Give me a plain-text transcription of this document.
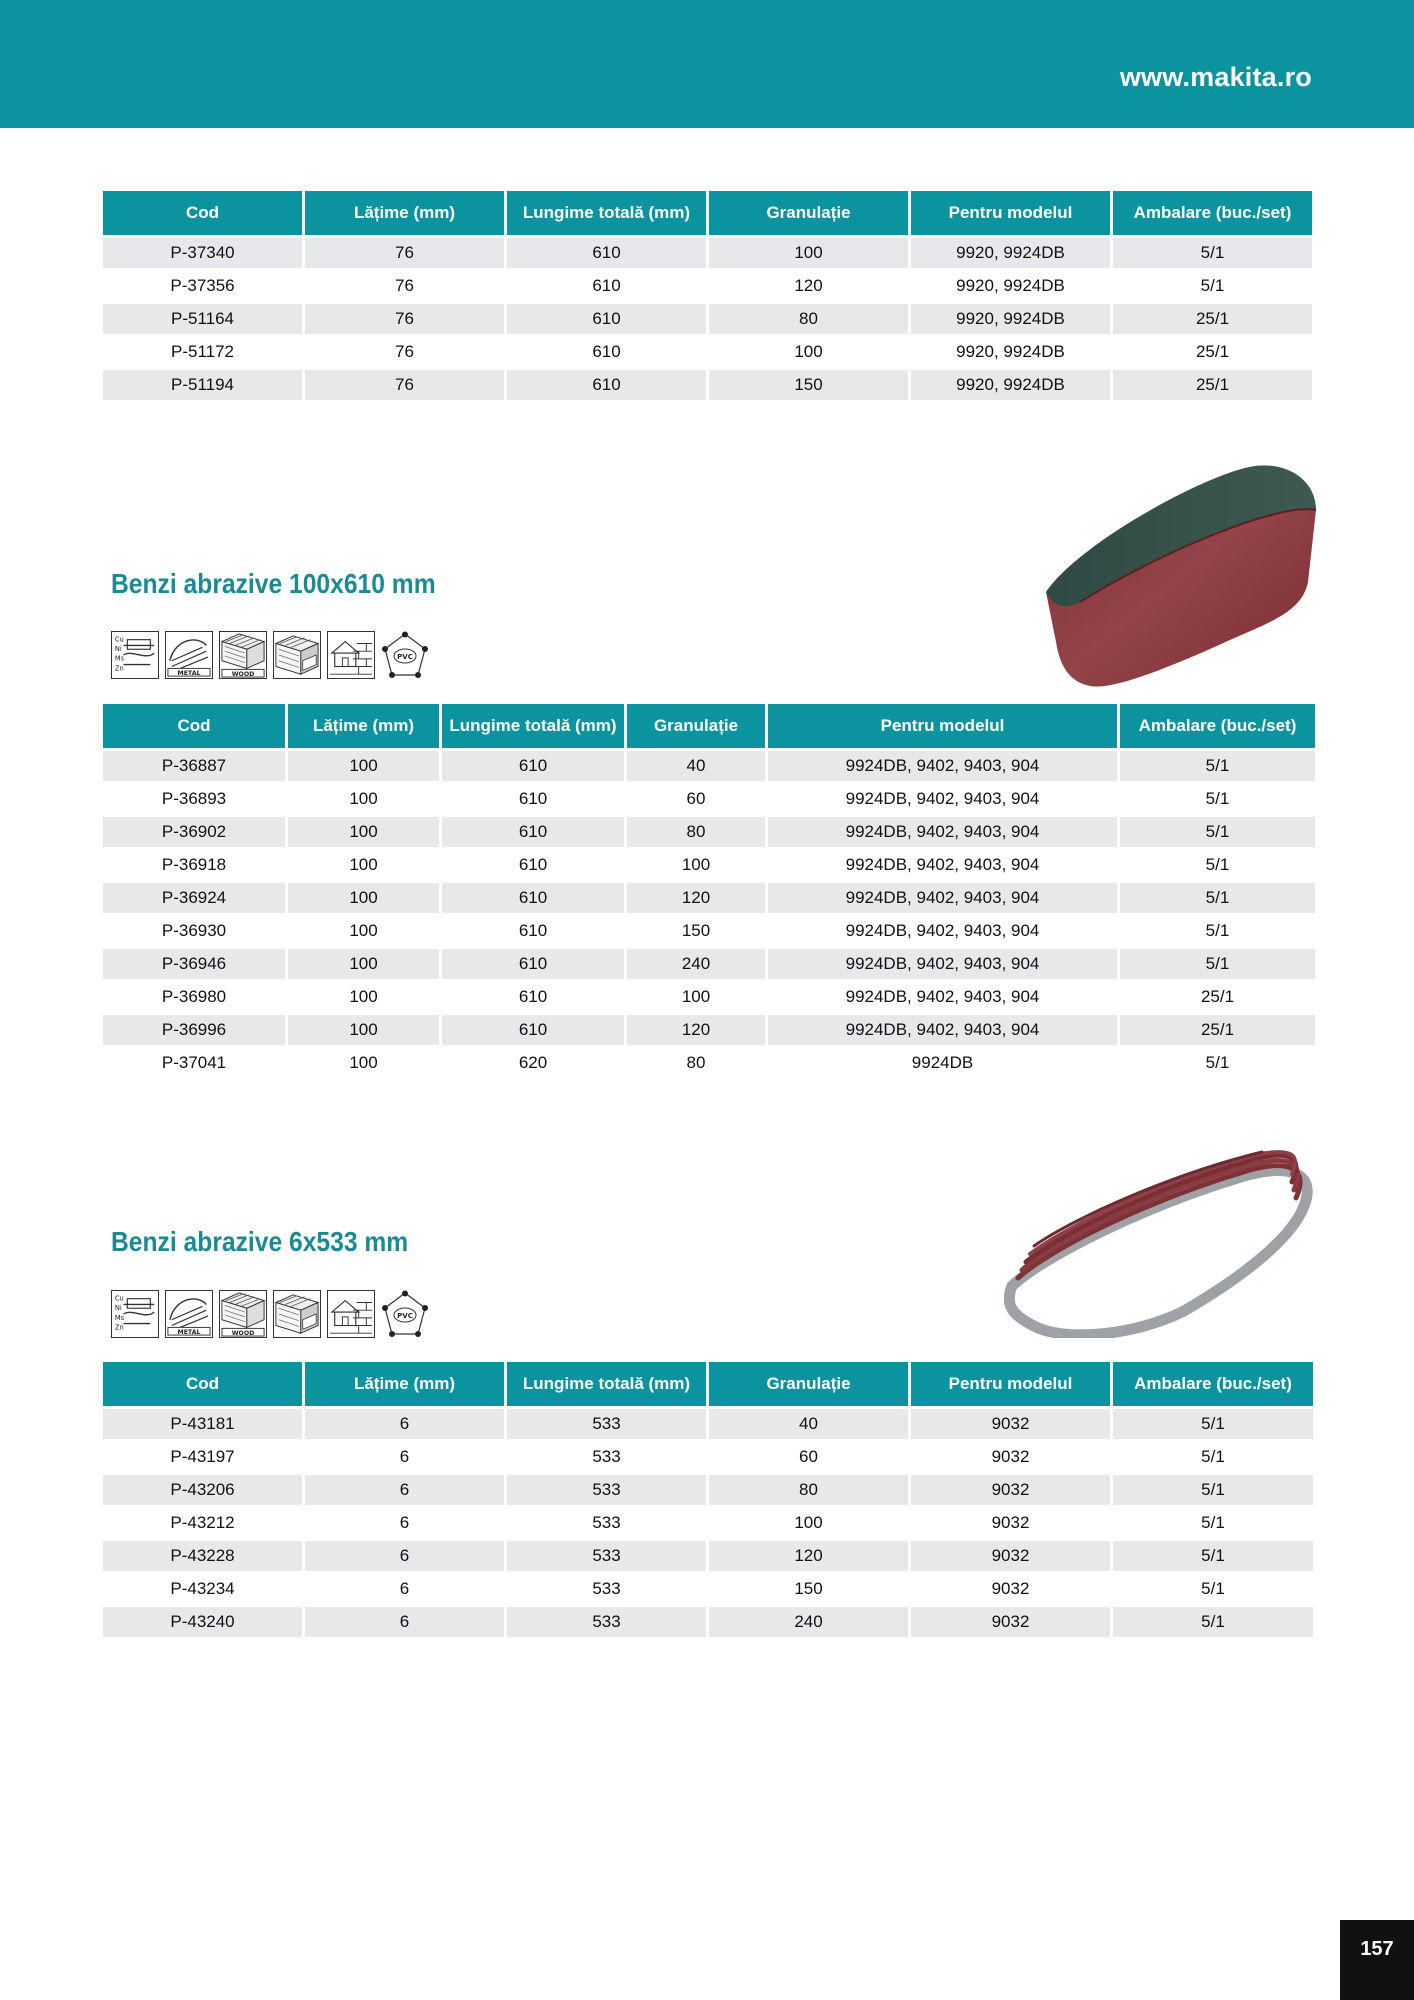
www.makita.ro
Cod	Lățime (mm)	Lungime totală (mm)	Granulație	Pentru modelul	Ambalare (buc./set)
P-37340	76	610	100	9920, 9924DB	5/1
P-37356	76	610	120	9920, 9924DB	5/1
P-51164	76	610	80	9920, 9924DB	25/1
P-51172	76	610	100	9920, 9924DB	25/1
P-51194	76	610	150	9920, 9924DB	25/1
Benzi abrazive 100x610 mm
Cu
Ni
Ms
Zn
METAL	WOOD
PVC
Cod	Lățime (mm)	Lungime totală (mm)	Granulație	Pentru modelul	Ambalare (buc./set)
P-36887	100	610	40	9924DB, 9402, 9403, 904	5/1
P-36893	100	610	60	9924DB, 9402, 9403, 904	5/1
P-36902	100	610	80	9924DB, 9402, 9403, 904	5/1
P-36918	100	610	100	9924DB, 9402, 9403, 904	5/1
P-36924	100	610	120	9924DB, 9402, 9403, 904	5/1
P-36930	100	610	150	9924DB, 9402, 9403, 904	5/1
P-36946	100	610	240	9924DB, 9402, 9403, 904	5/1
P-36980	100	610	100	9924DB, 9402, 9403, 904	25/1
P-36996	100	610	120	9924DB, 9402, 9403, 904	25/1
P-37041	100	620	80	9924DB	5/1
Benzi abrazive 6x533 mm
Cu
Ni
Ms
Zn
METAL	WOOD
PVC
Cod	Lățime (mm)	Lungime totală (mm)	Granulație	Pentru modelul	Ambalare (buc./set)
P-43181	6	533	40	9032	5/1
P-43197	6	533	60	9032	5/1
P-43206	6	533	80	9032	5/1
P-43212	6	533	100	9032	5/1
P-43228	6	533	120	9032	5/1
P-43234	6	533	150	9032	5/1
P-43240	6	533	240	9032	5/1
157
